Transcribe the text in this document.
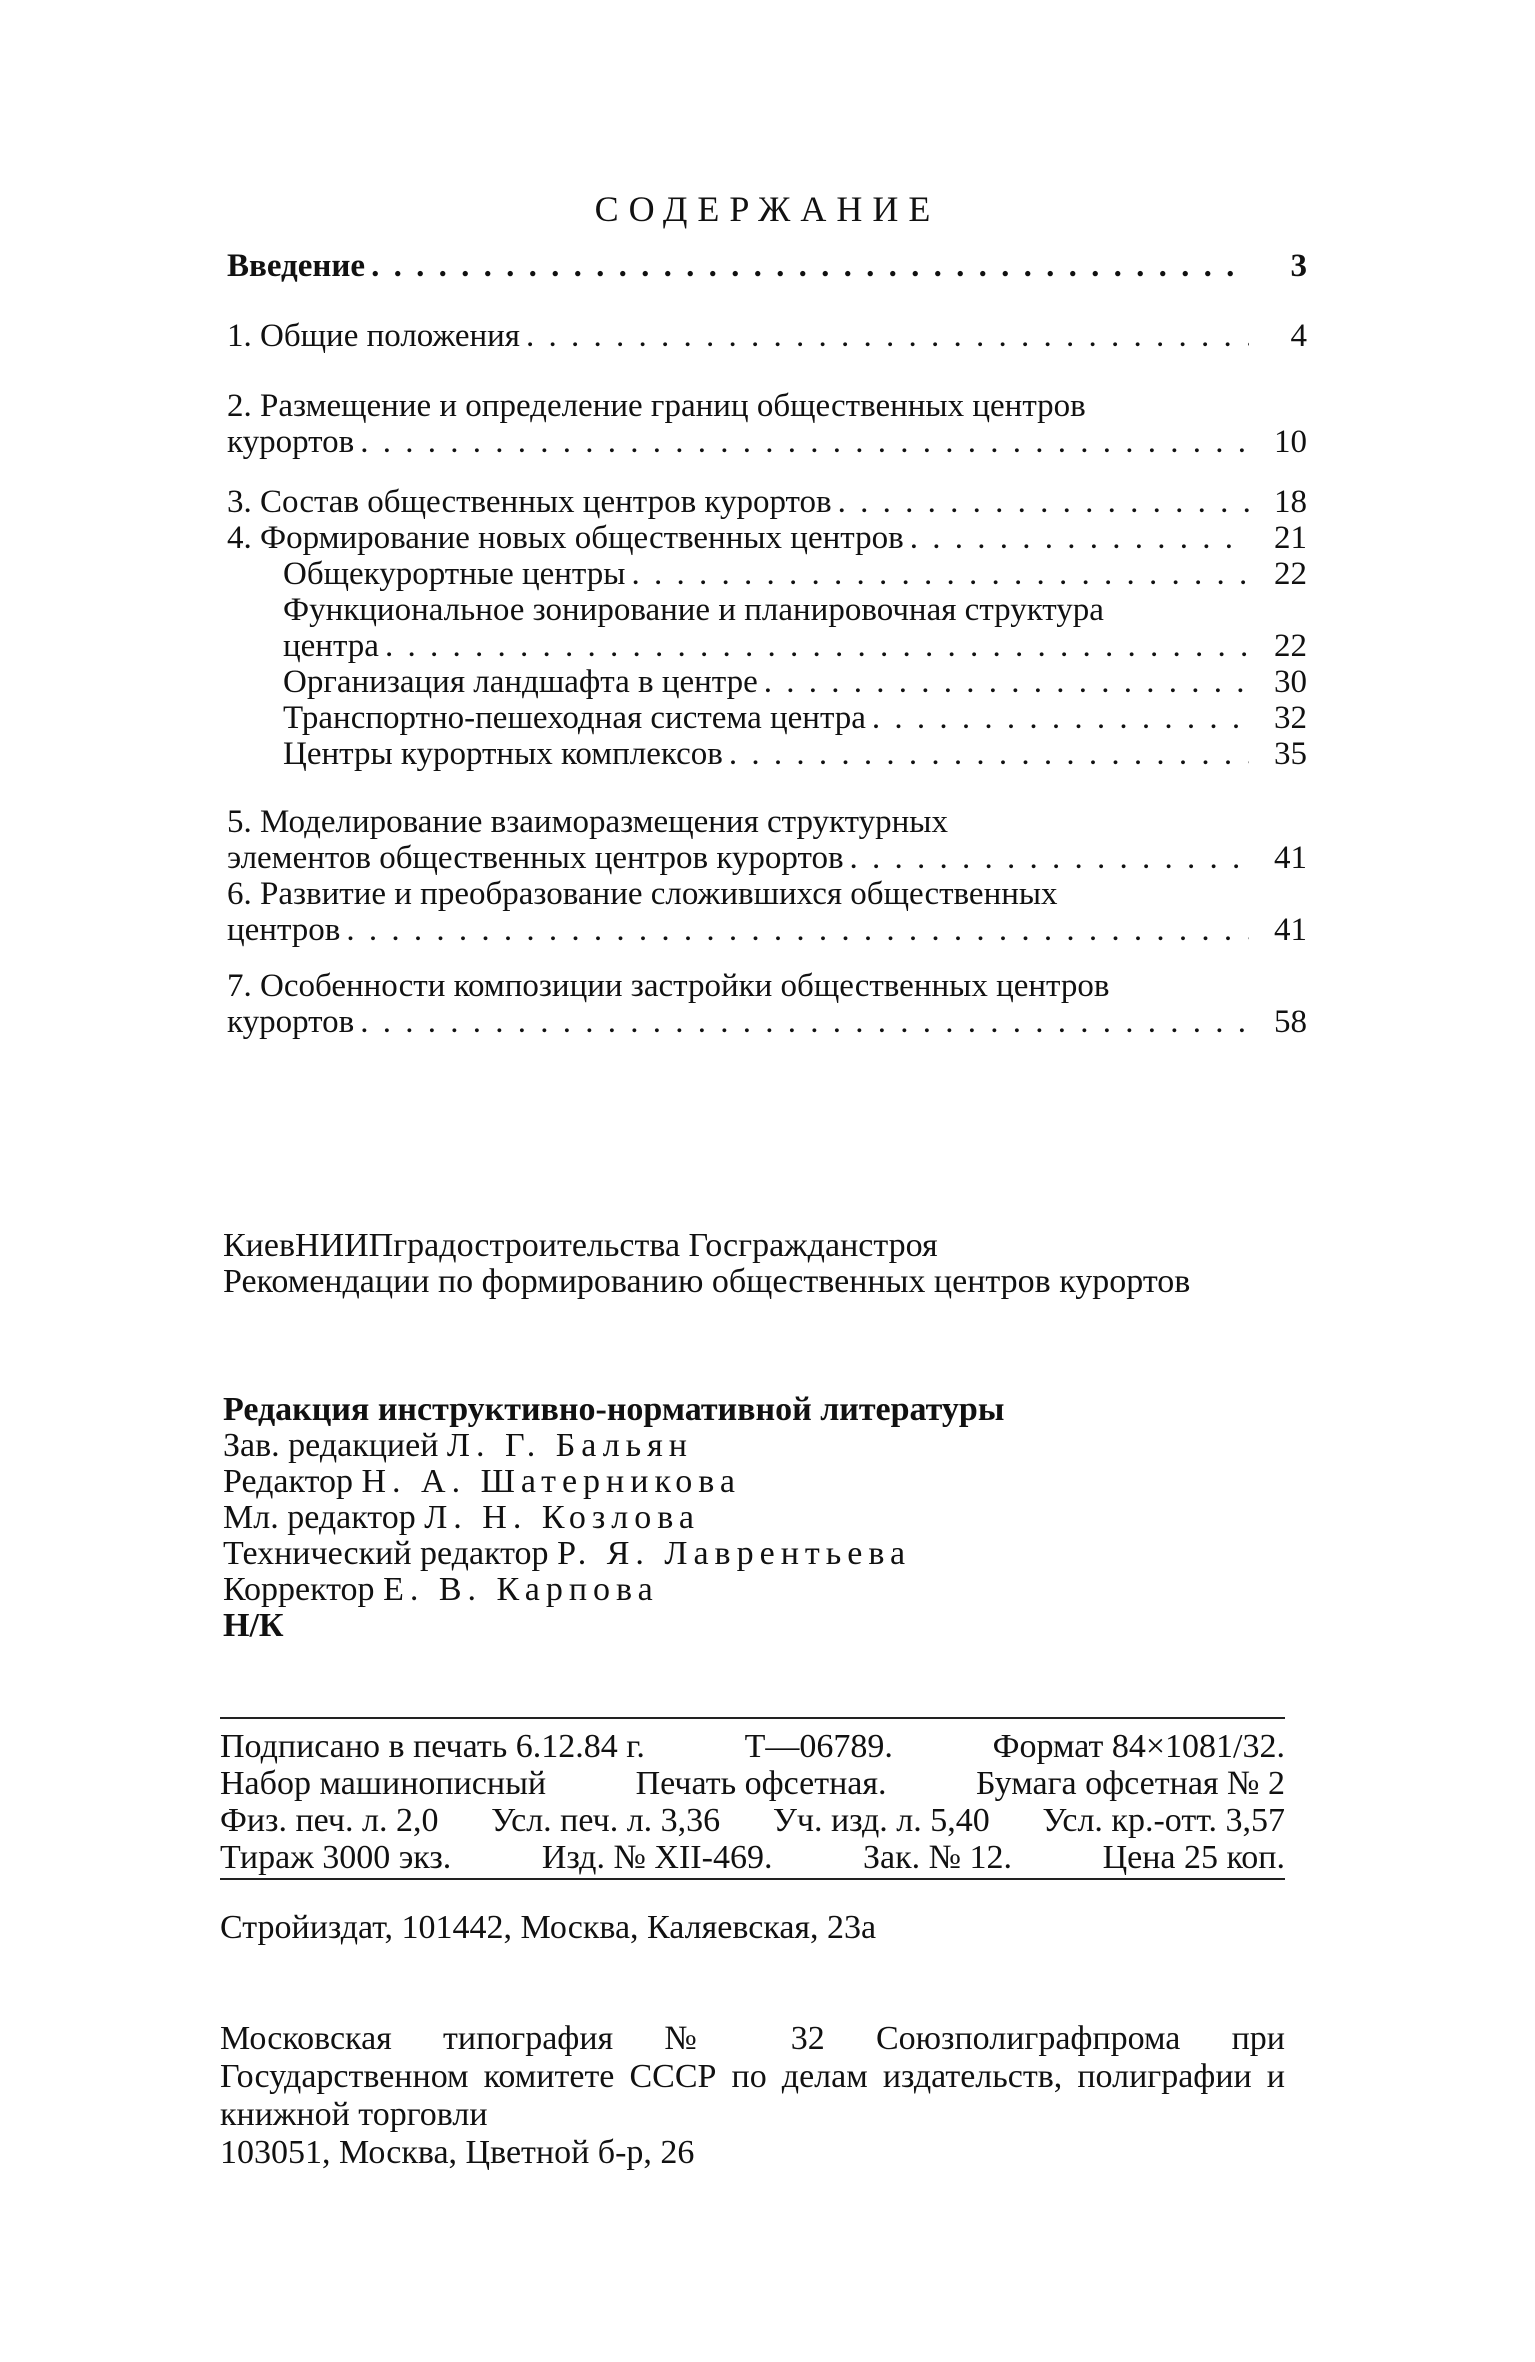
СОДЕРЖАНИЕ
Введение . . .	3
1. Общие положения . . .	4
2. Размещение и определение границ общественных центров
курортов . . .	10
3. Состав общественных центров курортов . . .	18
4. Формирование новых общественных центров . . .	21
Общекурортные центры . . .	22
Функциональное зонирование и планировочная структура
центра . . .	22
Организация ландшафта в центре . . .	30
Транспортно-пешеходная система центра . . .	32
Центры курортных комплексов . . .	35
5. Моделирование взаиморазмещения структурных
элементов общественных центров курортов . . .	41
6. Развитие и преобразование сложившихся общественных
центров . . .	41
7. Особенности композиции застройки общественных центров
курортов . . .	58
КиевНИИПградостроительства Госгражданстроя
Рекомендации по формированию общественных центров курортов
Редакция инструктивно-нормативной литературы
Зав. редакцией Л. Г. Бальян
Редактор Н. А. Шатерникова
Мл. редактор Л. Н. Козлова
Технический редактор Р. Я. Лаврентьева
Корректор Е. В. Карпова
Н/К
Подписано в печать 6.12.84 г.	Т—06789.	Формат 84×1081/32.
Набор машинописный	Печать офсетная.	Бумага офсетная № 2
Физ. печ. л. 2,0 Усл. печ. л. 3,36 Уч. изд. л. 5,40 Усл. кр.-отт. 3,57
Тираж 3000 экз.	Изд. № XII-469.	Зак. № 12.	Цена 25 коп.
Стройиздат, 101442, Москва, Каляевская, 23а
Московская типография № 32 Союзполиграфпрома при Государственном комитете СССР по делам издательств, полиграфии и книжной торговли
103051, Москва, Цветной б-р, 26
